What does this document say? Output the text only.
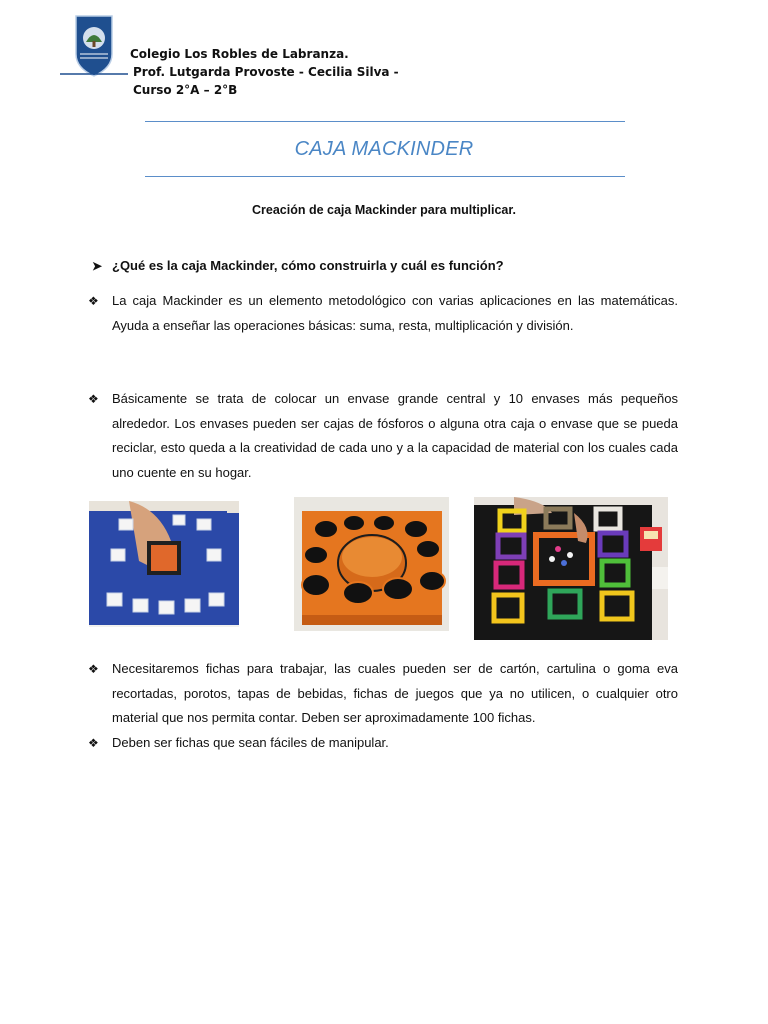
Colegio Los Robles de Labranza.
Prof. Lutgarda Provoste - Cecilia Silva -
Curso 2°A – 2°B
CAJA MACKINDER
Creación de caja Mackinder para multiplicar.
➤ ¿Qué es la caja Mackinder, cómo construirla y cuál es función?
❖ La caja Mackinder es un elemento metodológico con varias aplicaciones en las matemáticas. Ayuda a enseñar las operaciones básicas: suma, resta, multiplicación y división.
❖ Básicamente se trata de colocar un envase grande central y 10 envases más pequeños alrededor. Los envases pueden ser cajas de fósforos o alguna otra caja o envase que se pueda reciclar, esto queda a la creatividad de cada uno y a la capacidad de material con los cuales cada uno cuente en su hogar.
❖ Necesitaremos fichas para trabajar, las cuales pueden ser de cartón, cartulina o goma eva recortadas, porotos, tapas de bebidas, fichas de juegos que ya no utilicen, o cualquier otro material que nos permita contar. Deben ser aproximadamente 100 fichas.
❖ Deben ser fichas que sean fáciles de manipular.
